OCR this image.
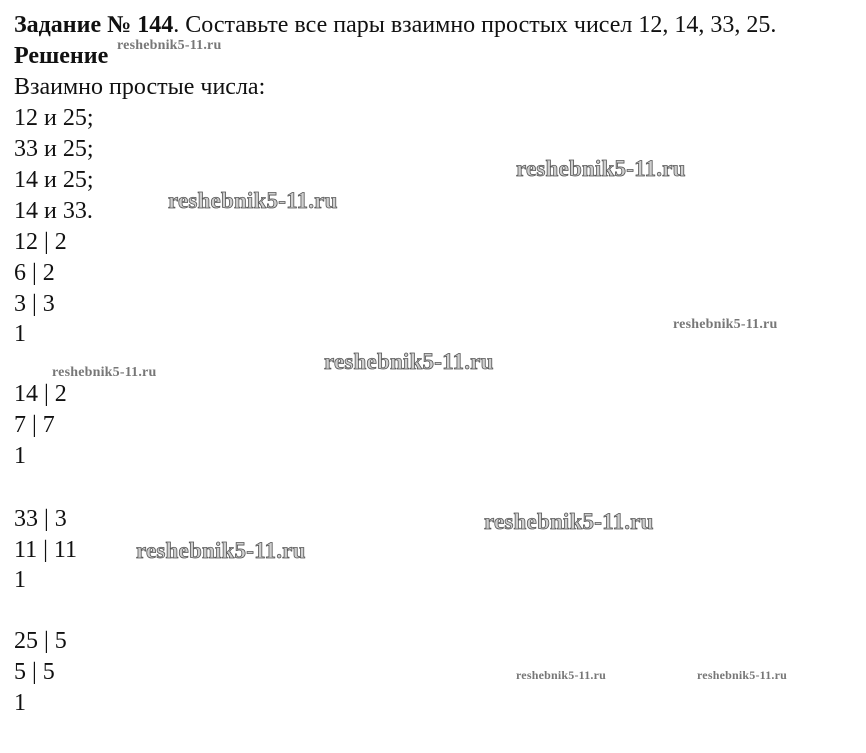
Задание № 144. Составьте все пары взаимно простых чисел 12, 14, 33, 25.
Решение
Взаимно простые числа:
12 и 25;
33 и 25;
14 и 25;
14 и 33.
12 | 2
6 | 2
3 | 3
1
14 | 2
7 | 7
1
33 | 3
11 | 11
1
25 | 5
5 | 5
1
reshebnik5-11.ru
reshebnik5-11.ru
reshebnik5-11.ru
reshebnik5-11.ru
reshebnik5-11.ru
reshebnik5-11.ru
reshebnik5-11.ru
reshebnik5-11.ru
reshebnik5-11.ru	reshebnik5-11.ru
